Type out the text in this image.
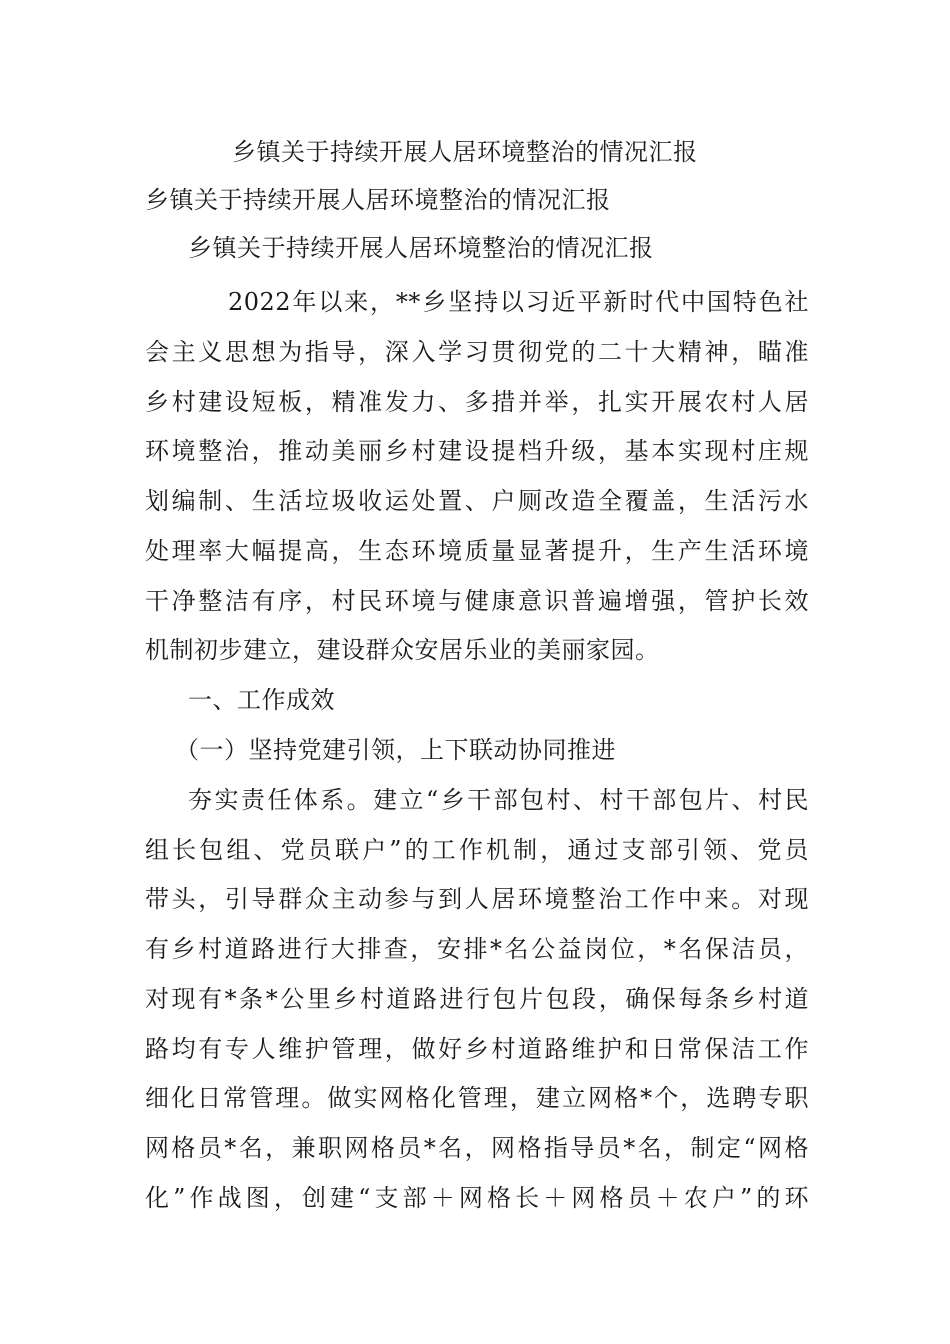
乡镇关于持续开展人居环境整治的情况汇报
乡镇关于持续开展人居环境整治的情况汇报
乡镇关于持续开展人居环境整治的情况汇报
2022年以来，**乡坚持以习近平新时代中国特色社
会主义思想为指导，深入学习贯彻党的二十大精神，瞄准
乡村建设短板，精准发力、多措并举，扎实开展农村人居
环境整治，推动美丽乡村建设提档升级，基本实现村庄规
划编制、生活垃圾收运处置、户厕改造全覆盖，生活污水
处理率大幅提高，生态环境质量显著提升，生产生活环境
干净整洁有序，村民环境与健康意识普遍增强，管护长效
机制初步建立，建设群众安居乐业的美丽家园。
一、工作成效
（一）坚持党建引领，上下联动协同推进
夯实责任体系。建立“乡干部包村、村干部包片、村民
组长包组、党员联户”的工作机制，通过支部引领、党员
带头，引导群众主动参与到人居环境整治工作中来。对现
有乡村道路进行大排查，安排*名公益岗位，*名保洁员，
对现有*条*公里乡村道路进行包片包段，确保每条乡村道
路均有专人维护管理，做好乡村道路维护和日常保洁工作
细化日常管理。做实网格化管理，建立网格*个，选聘专职
网格员*名，兼职网格员*名，网格指导员*名，制定“网格
化”作战图，创建“支部＋网格长＋网格员＋农户”的环
